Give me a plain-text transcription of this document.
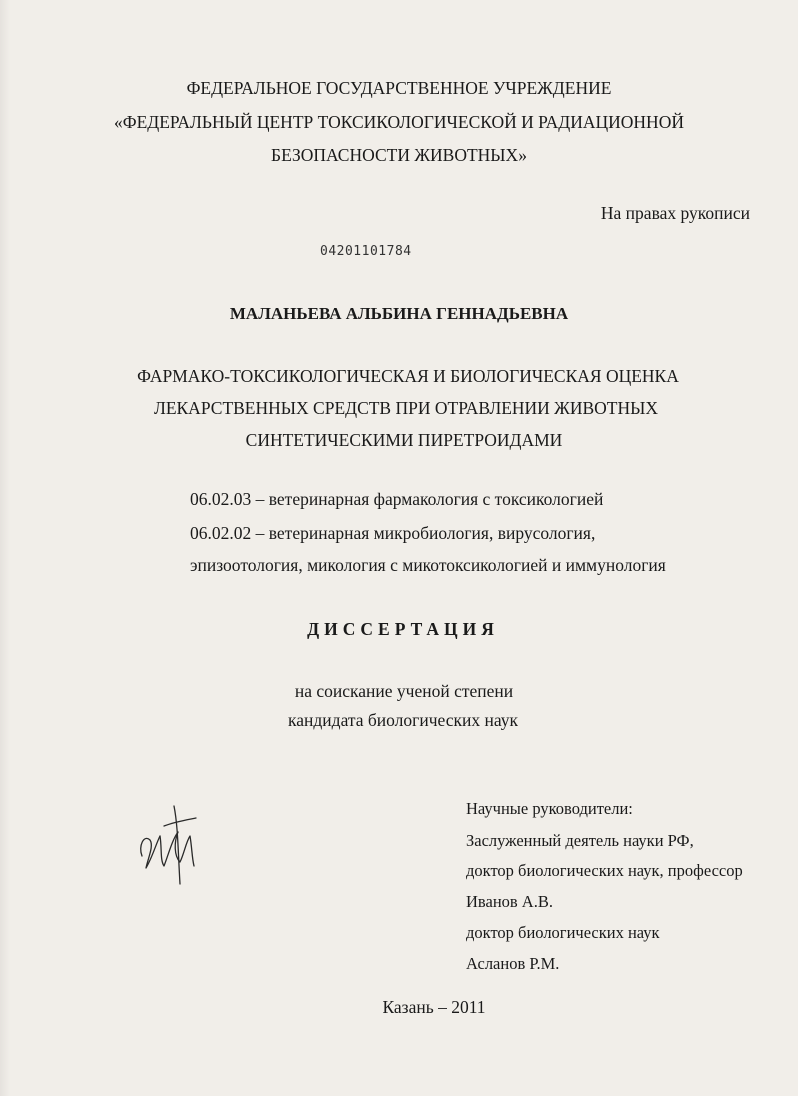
ФЕДЕРАЛЬНОЕ ГОСУДАРСТВЕННОЕ УЧРЕЖДЕНИЕ
«ФЕДЕРАЛЬНЫЙ ЦЕНТР ТОКСИКОЛОГИЧЕСКОЙ И РАДИАЦИОННОЙ
БЕЗОПАСНОСТИ ЖИВОТНЫХ»
На правах рукописи
04201101784
МАЛАНЬЕВА АЛЬБИНА ГЕННАДЬЕВНА
ФАРМАКО-ТОКСИКОЛОГИЧЕСКАЯ И БИОЛОГИЧЕСКАЯ ОЦЕНКА
ЛЕКАРСТВЕННЫХ СРЕДСТВ ПРИ ОТРАВЛЕНИИ ЖИВОТНЫХ
СИНТЕТИЧЕСКИМИ ПИРЕТРОИДАМИ
06.02.03 – ветеринарная фармакология с токсикологией
06.02.02 – ветеринарная микробиология, вирусология,
эпизоотология, микология с микотоксикологией и иммунология
ДИССЕРТАЦИЯ
на соискание ученой степени
кандидата биологических наук
Научные руководители:
Заслуженный деятель науки РФ,
доктор биологических наук, профессор
Иванов А.В.
доктор биологических наук
Асланов Р.М.
Казань – 2011
